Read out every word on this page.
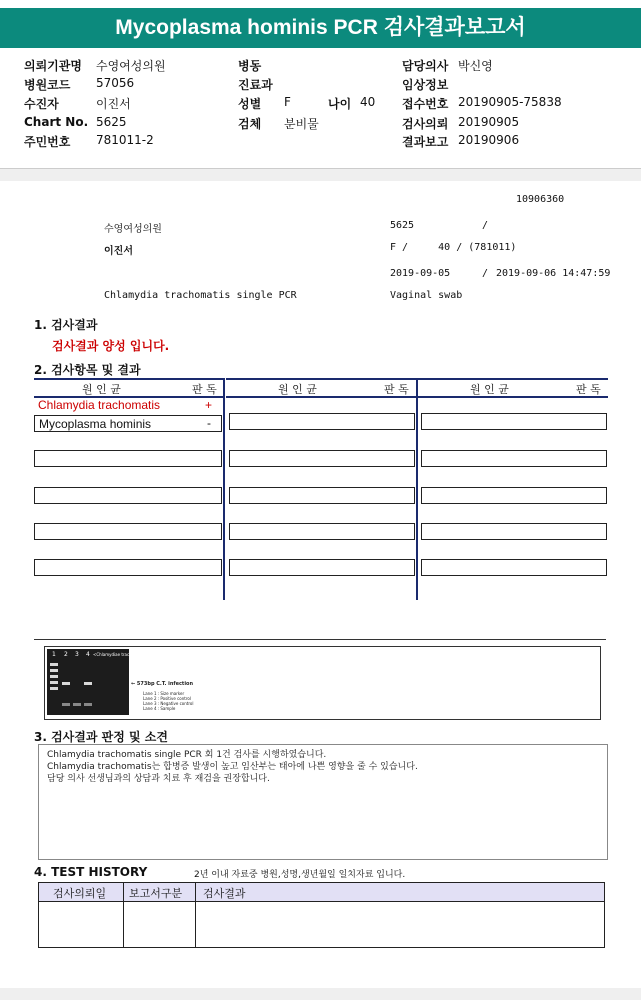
Mycoplasma hominis PCR 검사결과보고서
의뢰기관명 수영여성의원
병원코드 57056
수진자	이진서
Chart No. 5625
주민번호 781011-2
병동
진료과
성별 F	나이 40
검체 분비물
담당의사 박신영
임상정보
접수번호 20190905-75838
검사의뢰 20190905
결과보고 20190906
10906360
수영여성의원	5625	/
이진서	F /     40 / (781011)
2019-09-05	/ 2019-09-06 14:47:59
Chlamydia trachomatis single PCR	Vaginal swab
1. 검사결과
검사결과 양성 입니다.
2. 검사항목 및 결과
원 인 균	판 독	원 인 균	판 독	원 인 균	판 독
Chlamydia trachomatis	+
Mycoplasma hominis	-
1 2 3 4 <Chlamydiae trachomatis>
← 573bp C.T. infection
Lane 1 : Size marker
Lane 2 : Positive control
Lane 3 : Negative control
Lane 4 : Sample
3. 검사결과 판정 및 소견
Chlamydia trachomatis single PCR 회 1건 검사를 시행하였습니다.
Chlamydia trachomatis는 합병증 발생이 높고 임산부는 태아에 나쁜 영향을 줄 수 있습니다.
담당 의사 선생님과의 상담과 치료 후 재검을 권장합니다.
4. TEST HISTORY	2년 이내 자료중 병원,성명,생년월일 일치자료 입니다.
검사의뢰일 보고서구분 검사결과
